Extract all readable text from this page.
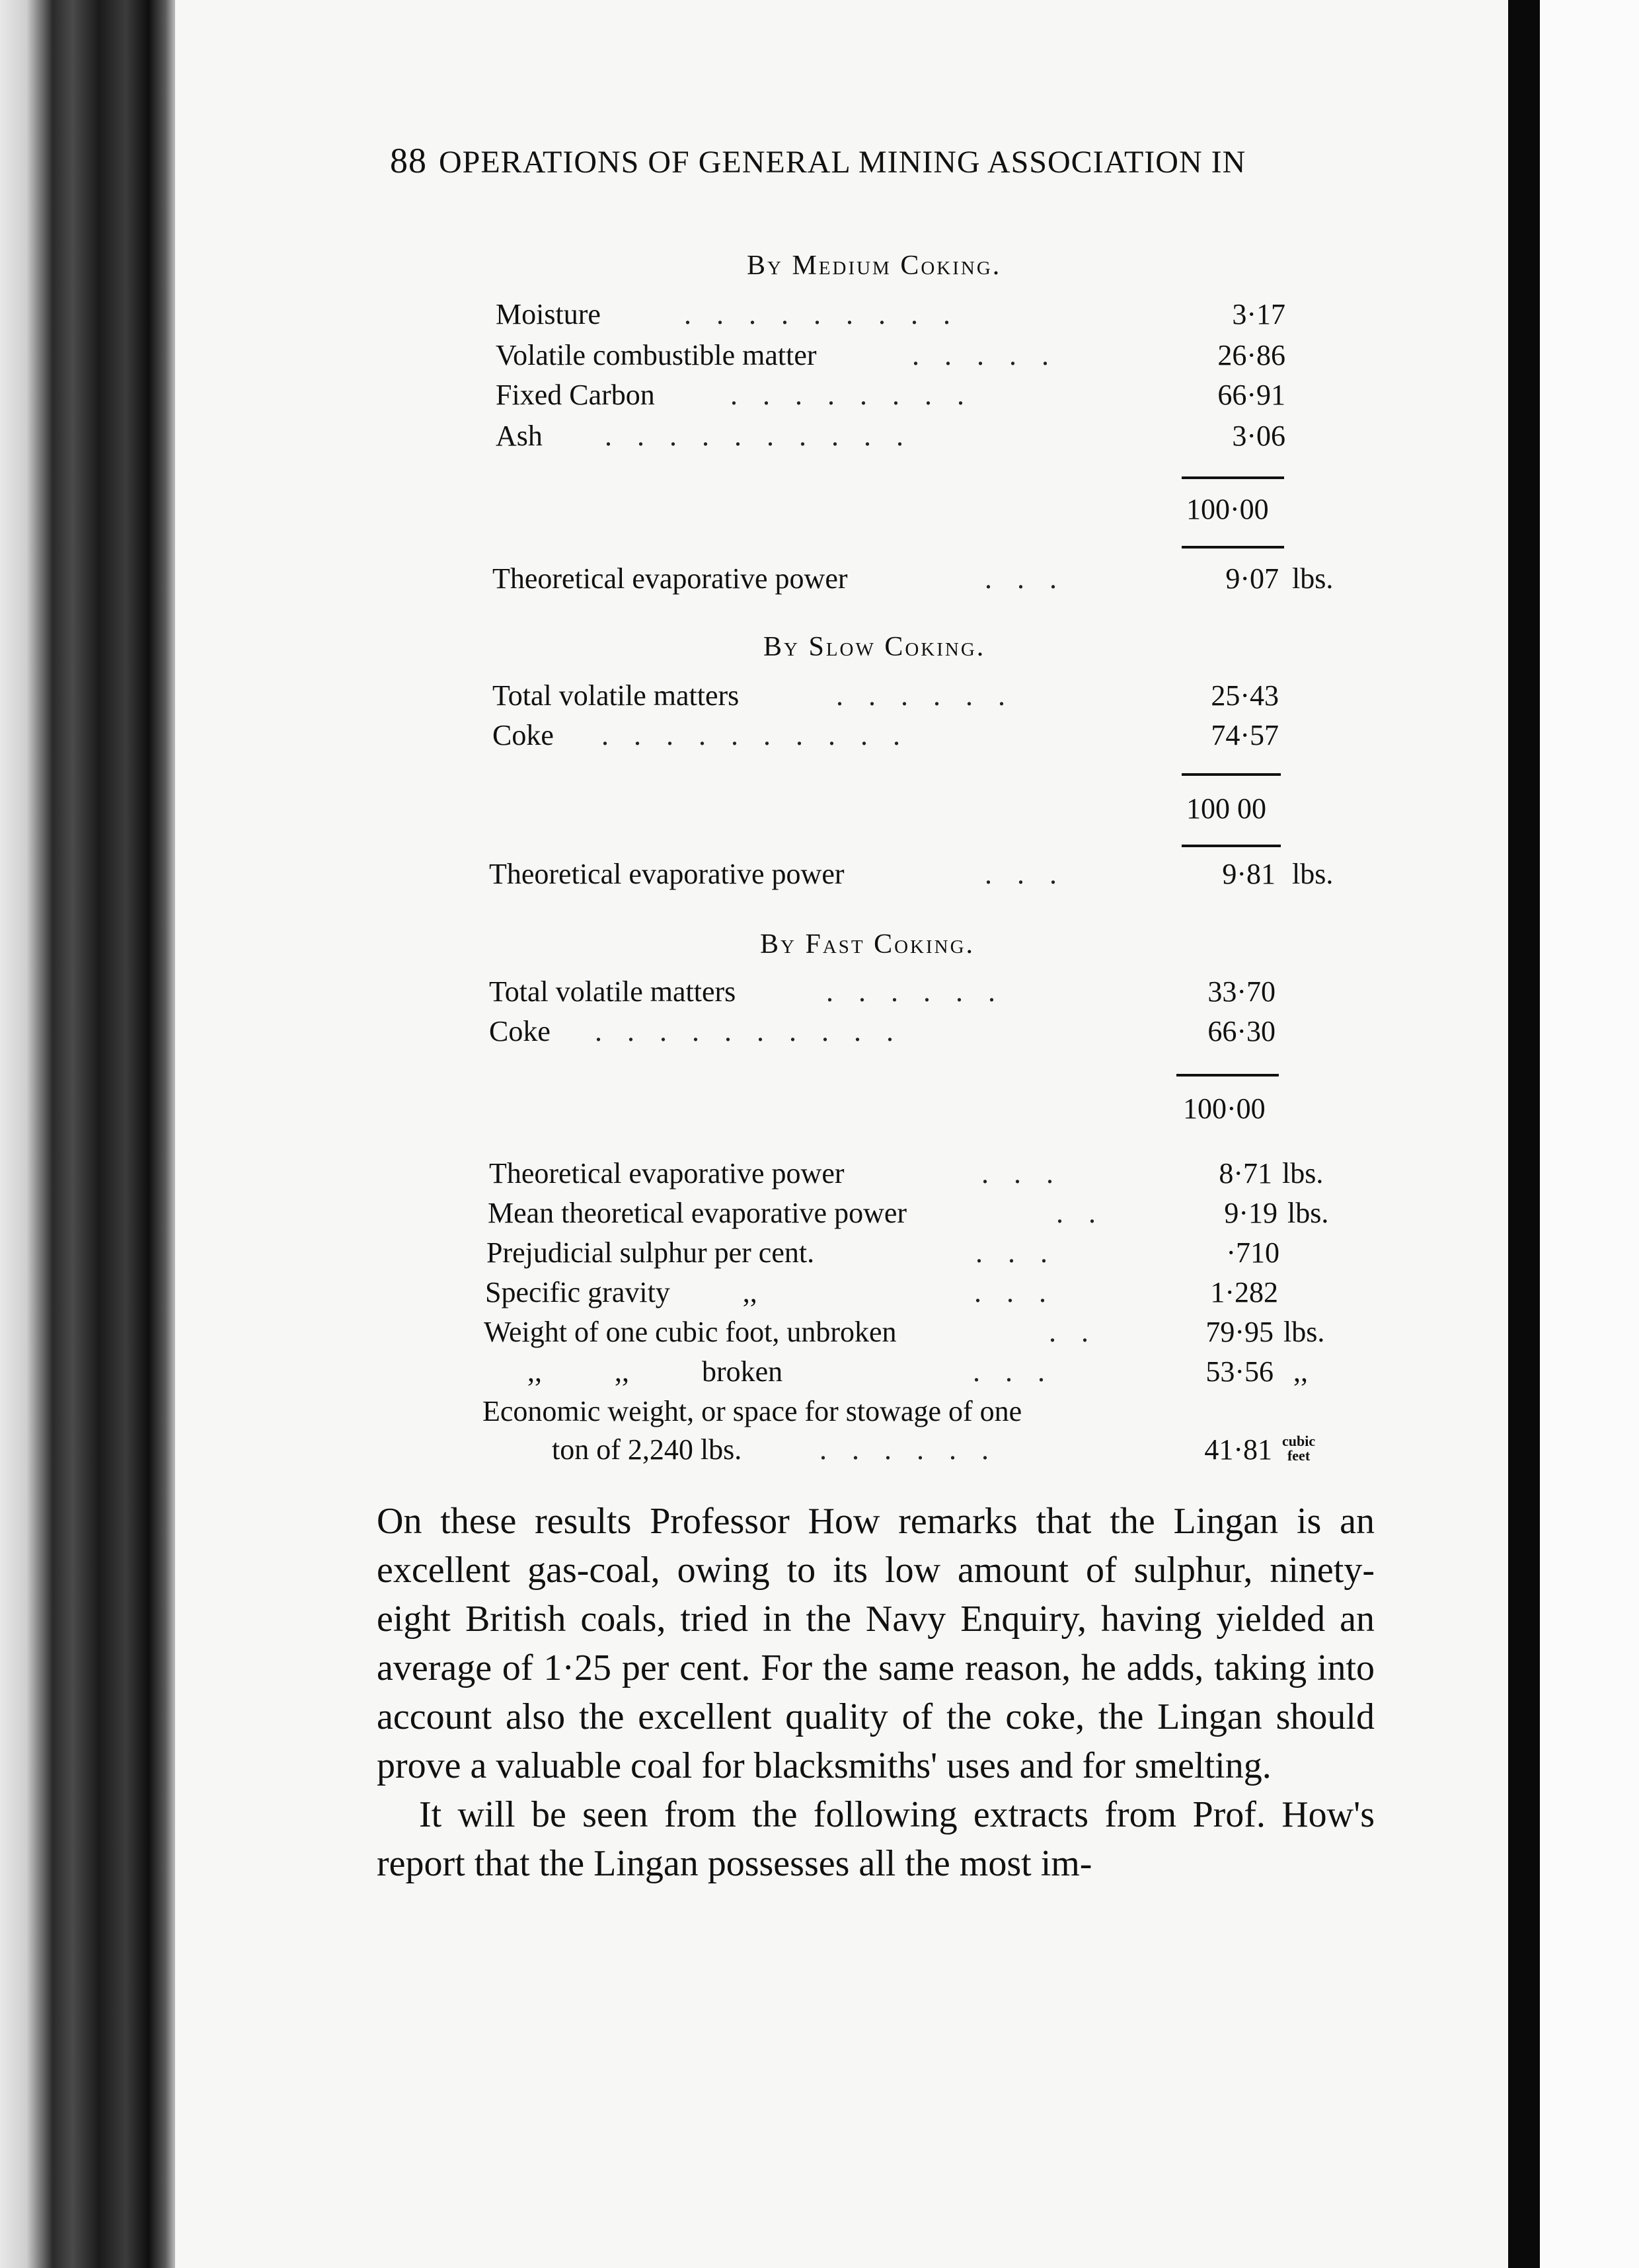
88 OPERATIONS OF GENERAL MINING ASSOCIATION IN
By Medium Coking.
Moisture	.........	3·17
Volatile combustible matter	.....	26·86
Fixed Carbon	........	66·91
Ash ..........	3·06
100·00
Theoretical evaporative power	...	9·07 lbs.
By Slow Coking.
Total volatile matters	......	25·43
Coke ..........	74·57
100 00
Theoretical evaporative power	...	9·81 lbs.
By Fast Coking.
Total volatile matters	......	33·70
Coke ..........	66·30
100·00
Theoretical evaporative power	...	8·71 lbs.
Mean theoretical evaporative power	..	9·19 lbs.
Prejudicial sulphur per cent.	...	·710
Specific gravity          ,,	...	1·282
Weight of one cubic foot, unbroken	..	79·95 lbs.
,,          ,,          broken	...	53·56 ,,
Economic weight, or space for stowage of one
ton of 2,240 lbs.	......	41·81 cubic
feet

On these results Professor How remarks that the Lingan is an excellent gas-coal, owing to its low amount of sulphur, ninety-eight British coals, tried in the Navy Enquiry, having yielded an average of 1·25 per cent. For the same reason, he adds, taking into account also the excellent quality of the coke, the Lingan should prove a valuable coal for blacksmiths' uses and for smelting.

It will be seen from the following extracts from Prof. How's report that the Lingan possesses all the most im-
